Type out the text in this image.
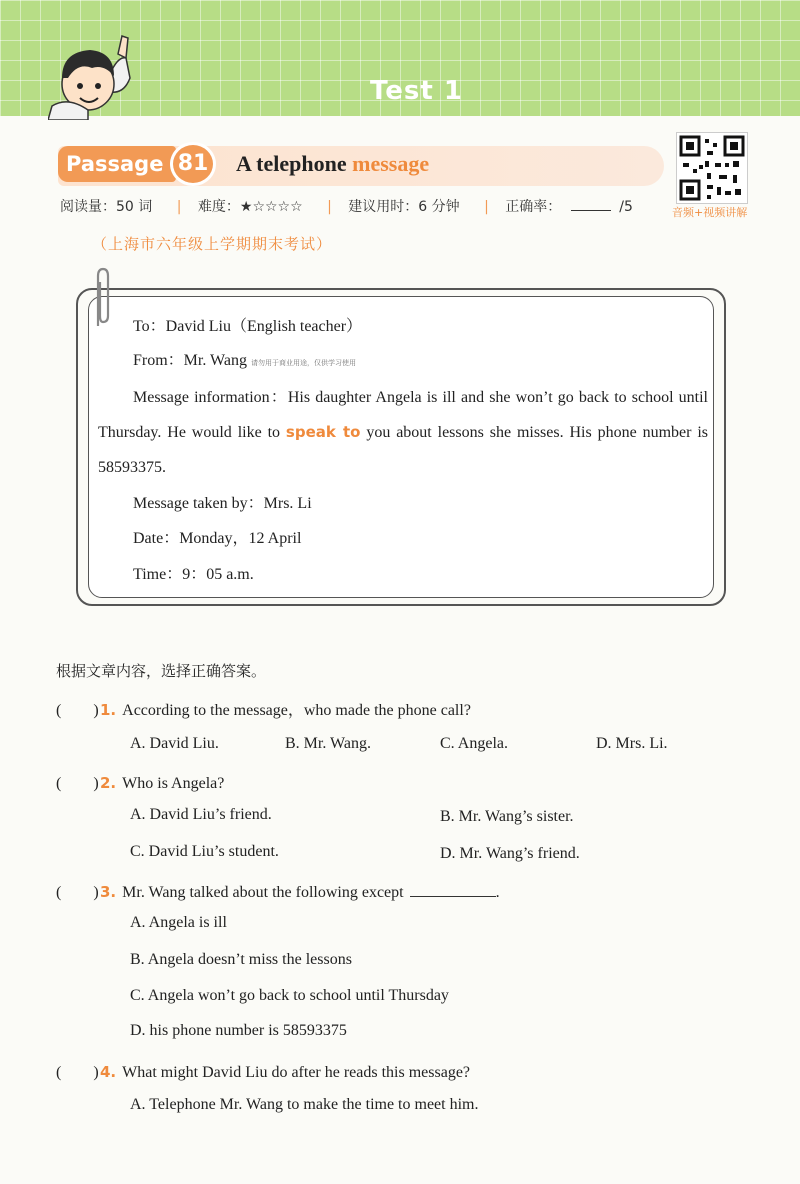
Test 1
Passage 81	A telephone message
音频+视频讲解
阅读量：50 词 | 难度：★☆☆☆☆ | 建议用时：6 分钟 | 正确率：	/5
（上海市六年级上学期期末考试）
To：David Liu（English teacher）
From：Mr. Wang 请勿用于商业用途，仅供学习使用
Message information：His daughter Angela is ill and she won’t go back to school until Thursday. He would like to speak to you about lessons she misses. His phone number is 58593375.
Message taken by：Mrs. Li
Date：Monday，12 April
Time：9：05 a.m.
根据文章内容，选择正确答案。
(　　)1. According to the message，who made the phone call?
A. David Liu.	B. Mr. Wang.	C. Angela.	D. Mrs. Li.
(　　)2. Who is Angela?
A. David Liu’s friend.	B. Mr. Wang’s sister.
C. David Liu’s student.	D. Mr. Wang’s friend.
(　　)3. Mr. Wang talked about the following except	.
A. Angela is ill
B. Angela doesn’t miss the lessons
C. Angela won’t go back to school until Thursday
D. his phone number is 58593375
(　　)4. What might David Liu do after he reads this message?
A. Telephone Mr. Wang to make the time to meet him.
